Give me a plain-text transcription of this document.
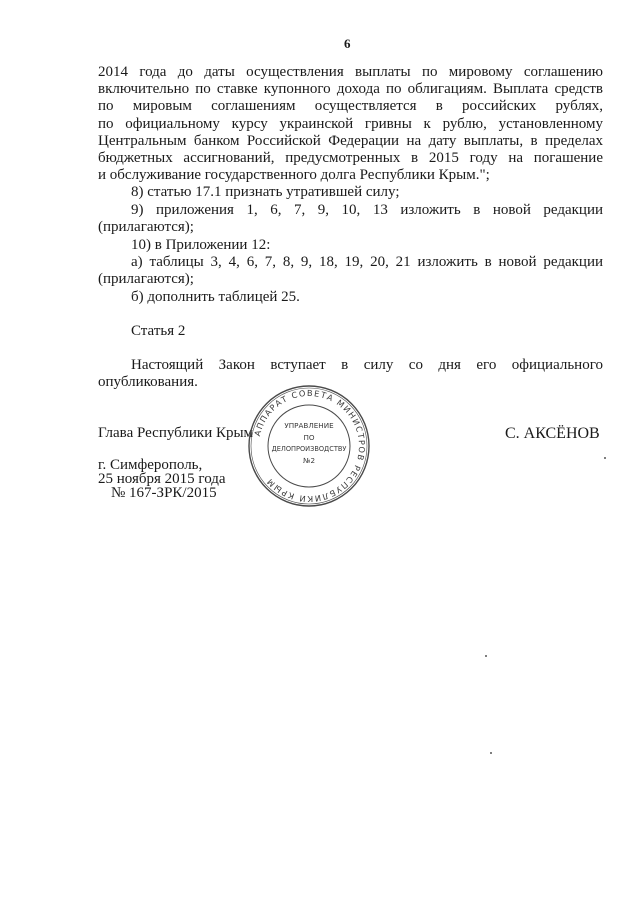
6
2014 года до даты осуществления выплаты по мировому соглашению
включительно по ставке купонного дохода по облигациям. Выплата средств
по мировым соглашениям осуществляется в российских рублях,
по официальному курсу украинской гривны к рублю, установленному
Центральным банком Российской Федерации на дату выплаты, в пределах
бюджетных ассигнований, предусмотренных в 2015 году на погашение
и обслуживание государственного долга Республики Крым.";
8) статью 17.1 признать утратившей силу;
9) приложения 1, 6, 7, 9, 10, 13 изложить в новой редакции
(прилагаются);
10) в Приложении 12:
а) таблицы 3, 4, 6, 7, 8, 9, 18, 19, 20, 21 изложить в новой редакции
(прилагаются);
б) дополнить таблицей 25.
Статья 2
Настоящий Закон вступает в силу со дня его официального
опубликования.
Глава Республики Крым
АППАРАТ СОВЕТА МИНИСТРОВ РЕСПУБЛИКИ КРЫМ
УПРАВЛЕНИЕ
ПО
ДЕЛОПРОИЗВОДСТВУ
№2
С. АКСЁНОВ
г. Симферополь,
25 ноября 2015 года
№ 167-ЗРК/2015
